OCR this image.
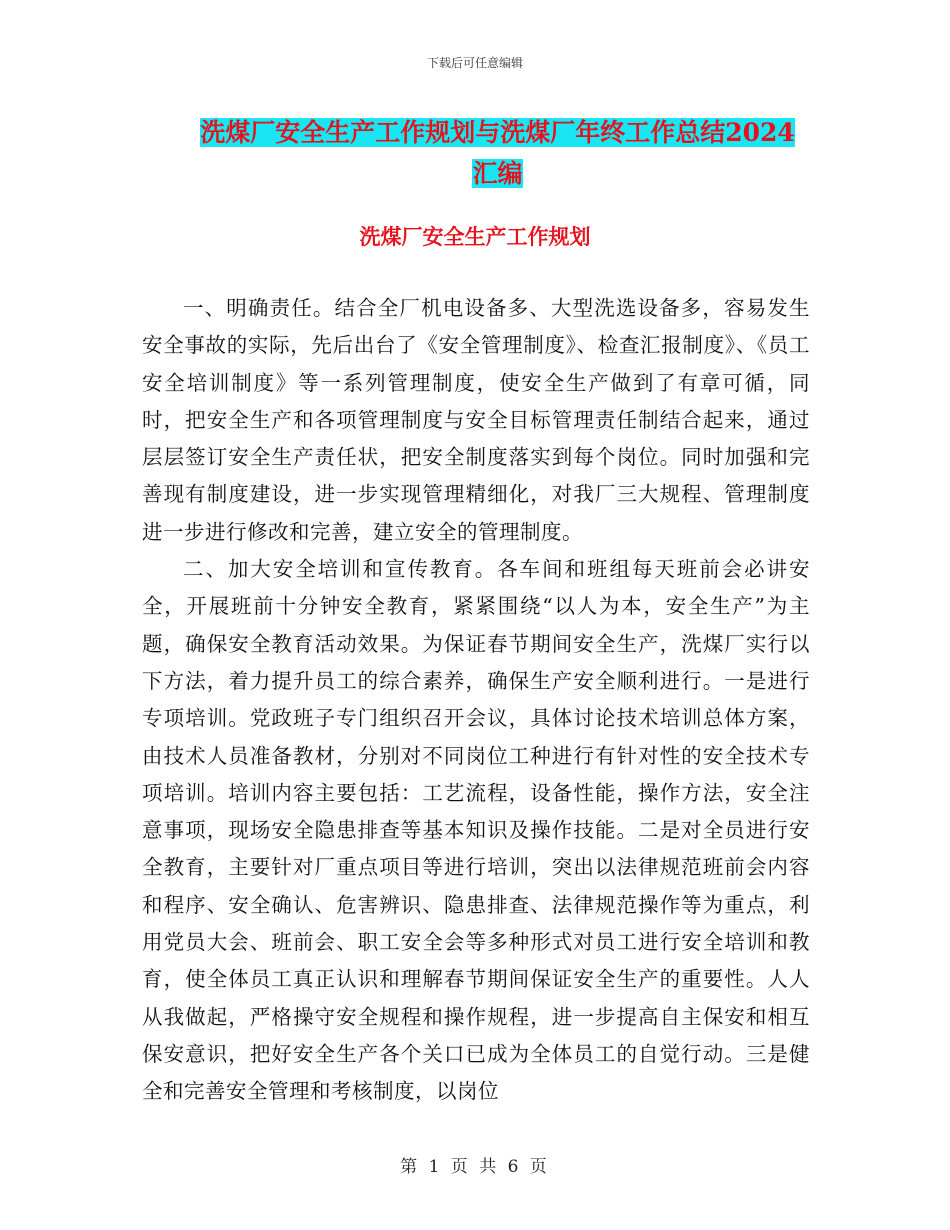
下载后可任意编辑
洗煤厂安全生产工作规划与洗煤厂年终工作总结2024汇编
洗煤厂安全生产工作规划

一、明确责任。结合全厂机电设备多、大型洗选设备多，容易发生安全事故的实际，先后出台了《安全管理制度》、检查汇报制度》、《员工安全培训制度》等一系列管理制度，使安全生产做到了有章可循，同时，把安全生产和各项管理制度与安全目标管理责任制结合起来，通过层层签订安全生产责任状，把安全制度落实到每个岗位。同时加强和完善现有制度建设，进一步实现管理精细化，对我厂三大规程、管理制度进一步进行修改和完善，建立安全的管理制度。

二、加大安全培训和宣传教育。各车间和班组每天班前会必讲安全，开展班前十分钟安全教育，紧紧围绕“以人为本，安全生产”为主题，确保安全教育活动效果。为保证春节期间安全生产，洗煤厂实行以下方法，着力提升员工的综合素养，确保生产安全顺利进行。一是进行专项培训。党政班子专门组织召开会议，具体讨论技术培训总体方案，由技术人员准备教材，分别对不同岗位工种进行有针对性的安全技术专项培训。培训内容主要包括：工艺流程，设备性能，操作方法，安全注意事项，现场安全隐患排查等基本知识及操作技能。二是对全员进行安全教育，主要针对厂重点项目等进行培训，突出以法律规范班前会内容和程序、安全确认、危害辨识、隐患排查、法律规范操作等为重点，利用党员大会、班前会、职工安全会等多种形式对员工进行安全培训和教育，使全体员工真正认识和理解春节期间保证安全生产的重要性。人人从我做起，严格操守安全规程和操作规程，进一步提高自主保安和相互保安意识，把好安全生产各个关口已成为全体员工的自觉行动。三是健全和完善安全管理和考核制度，以岗位

第 1 页 共 6 页
